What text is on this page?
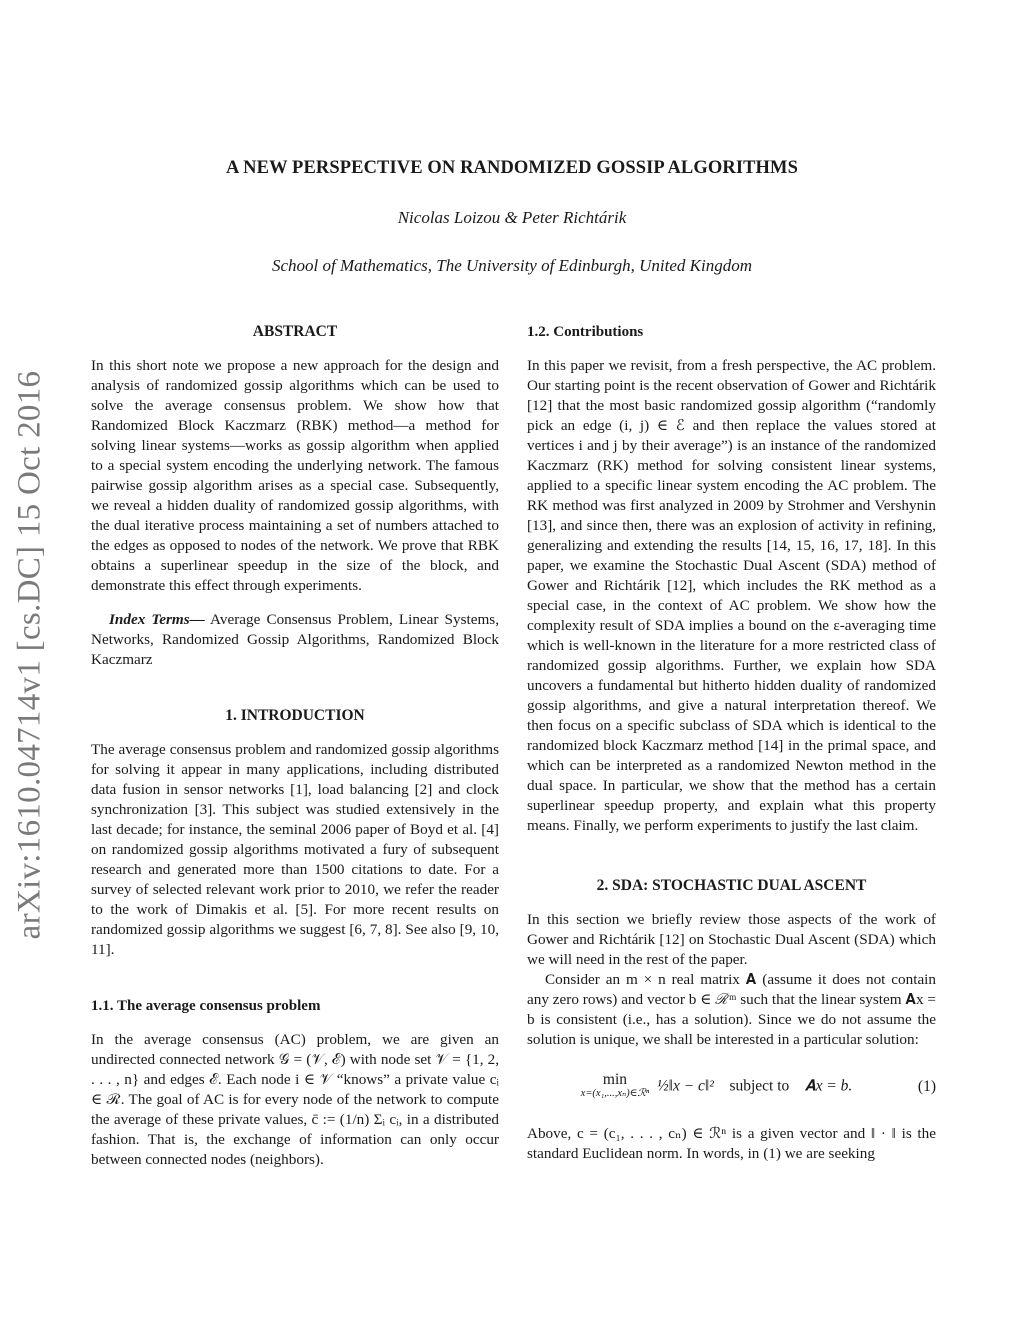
arXiv:1610.04714v1 [cs.DC] 15 Oct 2016
A NEW PERSPECTIVE ON RANDOMIZED GOSSIP ALGORITHMS
Nicolas Loizou & Peter Richtárik
School of Mathematics, The University of Edinburgh, United Kingdom
ABSTRACT

In this short note we propose a new approach for the design and analysis of randomized gossip algorithms which can be used to solve the average consensus problem. We show how that Randomized Block Kaczmarz (RBK) method—a method for solving linear systems—works as gossip algorithm when applied to a special system encoding the underlying network. The famous pairwise gossip algorithm arises as a special case. Subsequently, we reveal a hidden duality of randomized gossip algorithms, with the dual iterative process maintaining a set of numbers attached to the edges as opposed to nodes of the network. We prove that RBK obtains a superlinear speedup in the size of the block, and demonstrate this effect through experiments.

Index Terms— Average Consensus Problem, Linear Systems, Networks, Randomized Gossip Algorithms, Randomized Block Kaczmarz

1. INTRODUCTION

The average consensus problem and randomized gossip algorithms for solving it appear in many applications, including distributed data fusion in sensor networks [1], load balancing [2] and clock synchronization [3]. This subject was studied extensively in the last decade; for instance, the seminal 2006 paper of Boyd et al. [4] on randomized gossip algorithms motivated a fury of subsequent research and generated more than 1500 citations to date. For a survey of selected relevant work prior to 2010, we refer the reader to the work of Dimakis et al. [5]. For more recent results on randomized gossip algorithms we suggest [6, 7, 8]. See also [9, 10, 11].

1.1. The average consensus problem

In the average consensus (AC) problem, we are given an undirected connected network 𝒢 = (𝒱, ℰ) with node set 𝒱 = {1, 2, . . . , n} and edges ℰ. Each node i ∈ 𝒱 “knows” a private value cᵢ ∈ ℛ. The goal of AC is for every node of the network to compute the average of these private values, c̄ := (1/n) Σᵢ cᵢ, in a distributed fashion. That is, the exchange of information can only occur between connected nodes (neighbors).

1.2. Contributions

In this paper we revisit, from a fresh perspective, the AC problem. Our starting point is the recent observation of Gower and Richtárik [12] that the most basic randomized gossip algorithm (“randomly pick an edge (i, j) ∈ ℰ and then replace the values stored at vertices i and j by their average”) is an instance of the randomized Kaczmarz (RK) method for solving consistent linear systems, applied to a specific linear system encoding the AC problem. The RK method was first analyzed in 2009 by Strohmer and Vershynin [13], and since then, there was an explosion of activity in refining, generalizing and extending the results [14, 15, 16, 17, 18]. In this paper, we examine the Stochastic Dual Ascent (SDA) method of Gower and Richtárik [12], which includes the RK method as a special case, in the context of AC problem. We show how the complexity result of SDA implies a bound on the ε-averaging time which is well-known in the literature for a more restricted class of randomized gossip algorithms. Further, we explain how SDA uncovers a fundamental but hitherto hidden duality of randomized gossip algorithms, and give a natural interpretation thereof. We then focus on a specific subclass of SDA which is identical to the randomized block Kaczmarz method [14] in the primal space, and which can be interpreted as a randomized Newton method in the dual space. In particular, we show that the method has a certain superlinear speedup property, and explain what this property means. Finally, we perform experiments to justify the last claim.

2. SDA: STOCHASTIC DUAL ASCENT

In this section we briefly review those aspects of the work of Gower and Richtárik [12] on Stochastic Dual Ascent (SDA) which we will need in the rest of the paper.

Consider an m × n real matrix 𝐀 (assume it does not contain any zero rows) and vector b ∈ ℛᵐ such that the linear system 𝐀x = b is consistent (i.e., has a solution). Since we do not assume the solution is unique, we shall be interested in a particular solution:

min
x=(x₁,...,xₙ)∈ℛⁿ ½‖x − c‖² subject to 𝐀x = b.	(1)

Above, c = (c₁, . . . , cₙ) ∈ ℛⁿ is a given vector and ‖ · ‖ is the standard Euclidean norm. In words, in (1) we are seeking
